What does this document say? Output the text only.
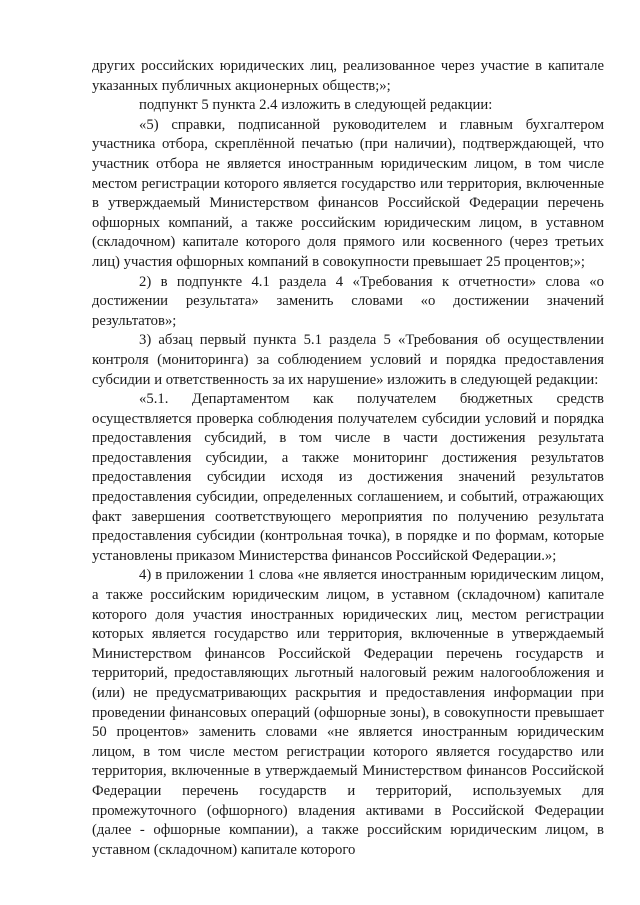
других российских юридических лиц, реализованное через участие в капитале указанных публичных акционерных обществ;»;

подпункт 5 пункта 2.4 изложить в следующей редакции:

«5) справки, подписанной руководителем и главным бухгалтером участника отбора, скреплённой печатью (при наличии), подтверждающей, что участник отбора не является иностранным юридическим лицом, в том числе местом регистрации которого является государство или территория, включенные в утверждаемый Министерством финансов Российской Федерации перечень офшорных компаний, а также российским юридическим лицом, в уставном (складочном) капитале которого доля прямого или косвенного (через третьих лиц) участия офшорных компаний в совокупности превышает 25 процентов;»;

2) в подпункте 4.1 раздела 4 «Требования к отчетности» слова «о достижении результата» заменить словами «о достижении значений результатов»;

3) абзац первый пункта 5.1 раздела 5 «Требования об осуществлении контроля (мониторинга) за соблюдением условий и порядка предоставления субсидии и ответственность за их нарушение» изложить в следующей редакции:

«5.1. Департаментом как получателем бюджетных средств осуществляется проверка соблюдения получателем субсидии условий и порядка предоставления субсидий, в том числе в части достижения результата предоставления субсидии, а также мониторинг достижения результатов предоставления субсидии исходя из достижения значений результатов предоставления субсидии, определенных соглашением, и событий, отражающих факт завершения соответствующего мероприятия по получению результата предоставления субсидии (контрольная точка), в порядке и по формам, которые установлены приказом Министерства финансов Российской Федерации.»;

4) в приложении 1 слова «не является иностранным юридическим лицом, а также российским юридическим лицом, в уставном (складочном) капитале которого доля участия иностранных юридических лиц, местом регистрации которых является государство или территория, включенные в утверждаемый Министерством финансов Российской Федерации перечень государств и территорий, предоставляющих льготный налоговый режим налогообложения и (или) не предусматривающих раскрытия и предоставления информации при проведении финансовых операций (офшорные зоны), в совокупности превышает 50 процентов» заменить словами «не является иностранным юридическим лицом, в том числе местом регистрации которого является государство или территория, включенные в утверждаемый Министерством финансов Российской Федерации перечень государств и территорий, используемых для промежуточного (офшорного) владения активами в Российской Федерации (далее - офшорные компании), а также российским юридическим лицом, в уставном (складочном) капитале которого
